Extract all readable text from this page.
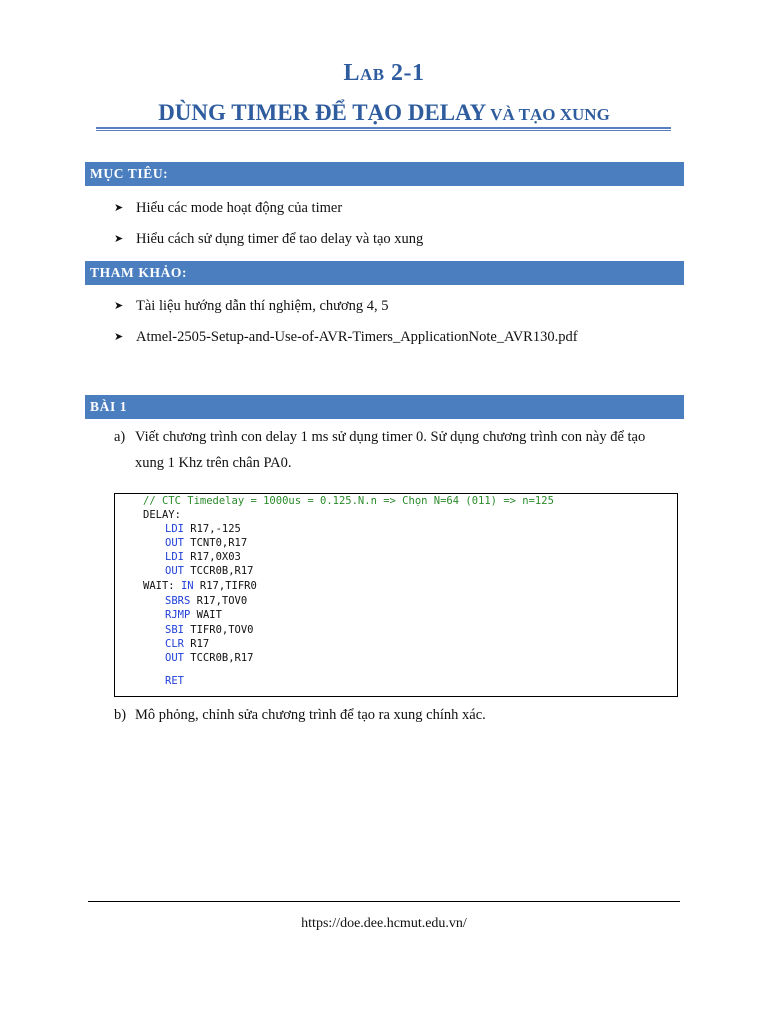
Lab 2-1
DÙNG TIMER ĐỂ TẠO DELAY VÀ TẠO XUNG
MỤC TIÊU:
➤ Hiểu các mode hoạt động của timer
➤ Hiểu cách sử dụng timer để tao delay và tạo xung
THAM KHẢO:
➤ Tài liệu hướng dẫn thí nghiệm, chương 4, 5
➤ Atmel-2505-Setup-and-Use-of-AVR-Timers_ApplicationNote_AVR130.pdf
BÀI 1
a) Viết chương trình con delay 1 ms sử dụng timer 0. Sử dụng chương trình con này để tạo
xung 1 Khz trên chân PA0.
// CTC Timedelay = 1000us = 0.125.N.n => Chọn N=64 (011) => n=125
DELAY:
LDI R17,-125
OUT TCNT0,R17
LDI R17,0X03
OUT TCCR0B,R17
WAIT: IN R17,TIFR0
SBRS R17,TOV0
RJMP WAIT
SBI TIFR0,TOV0
CLR R17
OUT TCCR0B,R17
RET
b) Mô phỏng, chỉnh sửa chương trình để tạo ra xung chính xác.
https://doe.dee.hcmut.edu.vn/
